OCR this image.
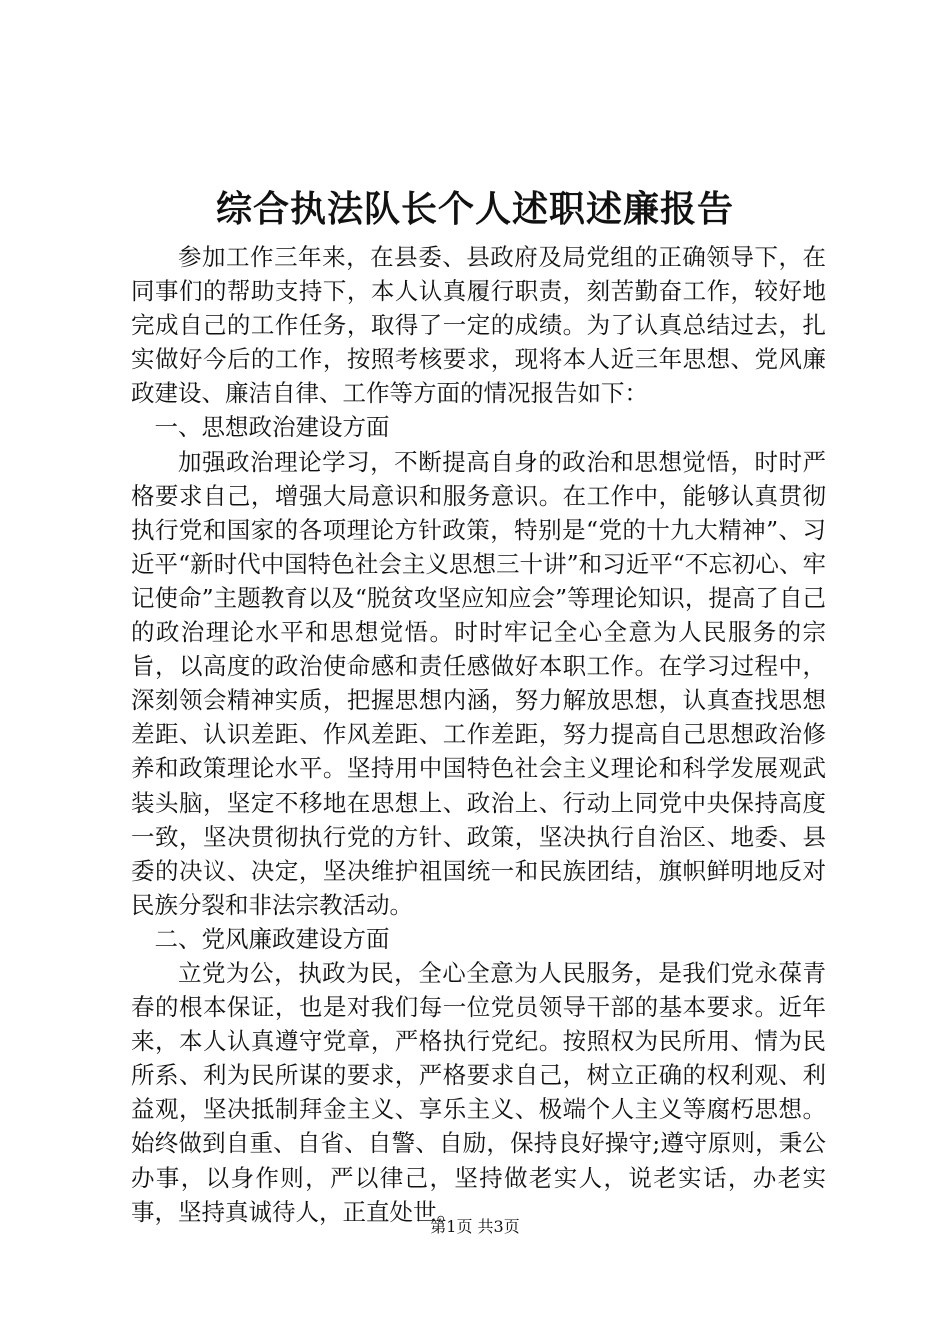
综合执法队长个人述职述廉报告

参加工作三年来，在县委、县政府及局党组的正确领导下，在同事们的帮助支持下，本人认真履行职责，刻苦勤奋工作，较好地完成自己的工作任务，取得了一定的成绩。为了认真总结过去，扎实做好今后的工作，按照考核要求，现将本人近三年思想、党风廉政建设、廉洁自律、工作等方面的情况报告如下：

一、思想政治建设方面

加强政治理论学习，不断提高自身的政治和思想觉悟，时时严格要求自己，增强大局意识和服务意识。在工作中，能够认真贯彻执行党和国家的各项理论方针政策，特别是“党的十九大精神”、习近平“新时代中国特色社会主义思想三十讲”和习近平“不忘初心、牢记使命”主题教育以及“脱贫攻坚应知应会”等理论知识，提高了自己的政治理论水平和思想觉悟。时时牢记全心全意为人民服务的宗旨，以高度的政治使命感和责任感做好本职工作。在学习过程中，深刻领会精神实质，把握思想内涵，努力解放思想，认真查找思想差距、认识差距、作风差距、工作差距，努力提高自己思想政治修养和政策理论水平。坚持用中国特色社会主义理论和科学发展观武装头脑，坚定不移地在思想上、政治上、行动上同党中央保持高度一致，坚决贯彻执行党的方针、政策，坚决执行自治区、地委、县委的决议、决定，坚决维护祖国统一和民族团结，旗帜鲜明地反对民族分裂和非法宗教活动。

二、党风廉政建设方面

立党为公，执政为民，全心全意为人民服务，是我们党永葆青春的根本保证，也是对我们每一位党员领导干部的基本要求。近年来，本人认真遵守党章，严格执行党纪。按照权为民所用、情为民所系、利为民所谋的要求，严格要求自己，树立正确的权利观、利益观，坚决抵制拜金主义、享乐主义、极端个人主义等腐朽思想。始终做到自重、自省、自警、自励，保持良好操守;遵守原则，秉公办事，以身作则，严以律己，坚持做老实人，说老实话，办老实事，坚持真诚待人，正直处世。

第1页 共3页
